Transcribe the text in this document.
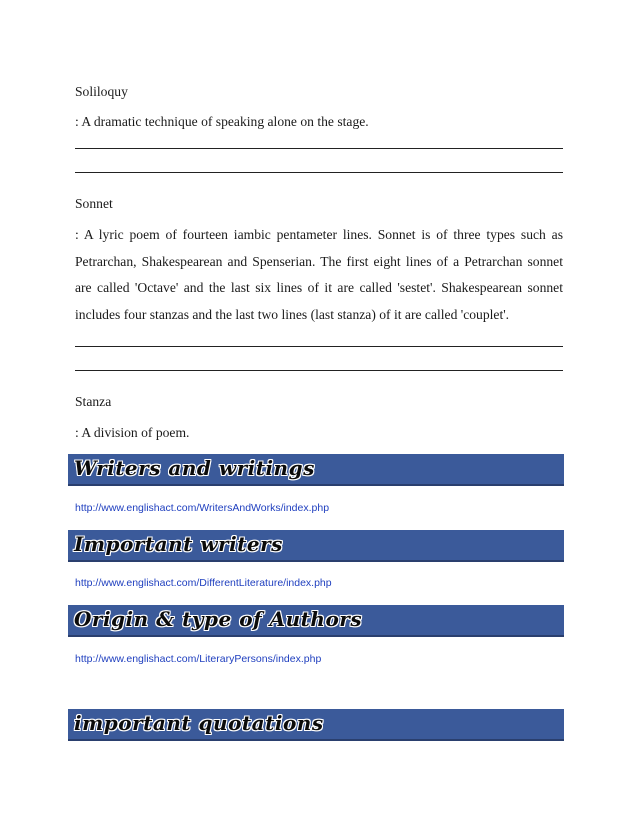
Soliloquy
: A dramatic technique of speaking alone on the stage.
Sonnet
: A lyric poem of fourteen iambic pentameter lines. Sonnet is of three types such as Petrarchan, Shakespearean and Spenserian. The first eight lines of a Petrarchan sonnet are called 'Octave' and the last six lines of it are called 'sestet'. Shakespearean sonnet includes four stanzas and the last two lines (last stanza) of it are called 'couplet'.
Stanza
: A division of poem.
Writers and writings
http://www.englishact.com/WritersAndWorks/index.php
Important writers
http://www.englishact.com/DifferentLiterature/index.php
Origin & type of Authors
http://www.englishact.com/LiteraryPersons/index.php
important quotations
